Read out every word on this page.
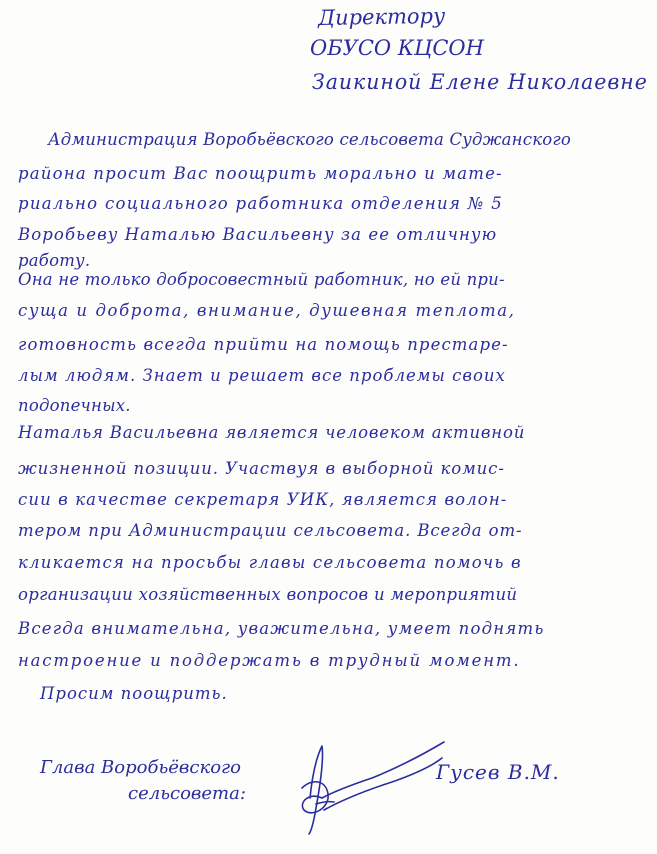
Директору
ОБУСО КЦСОН
Заикиной Елене Николаевне
Администрация Воробьёвского сельсовета Суджанского
района просит Вас поощрить морально и мате-
риально социального работника отделения № 5
Воробьеву Наталью Васильевну за ее отличную
работу.
Она не только добросовестный работник, но ей при-
суща и доброта, внимание, душевная теплота,
готовность всегда прийти на помощь престаре-
лым людям. Знает и решает все проблемы своих
подопечных.
Наталья Васильевна является человеком активной
жизненной позиции. Участвуя в выборной комис-
сии в качестве секретаря УИК, является волон-
тером при Администрации сельсовета. Всегда от-
кликается на просьбы главы сельсовета помочь в
организации хозяйственных вопросов и мероприятий
Всегда внимательна, уважительна, умеет поднять
настроение и поддержать в трудный момент.
Просим поощрить.
Глава Воробьёвского
сельсовета:
Гусев В.М.
